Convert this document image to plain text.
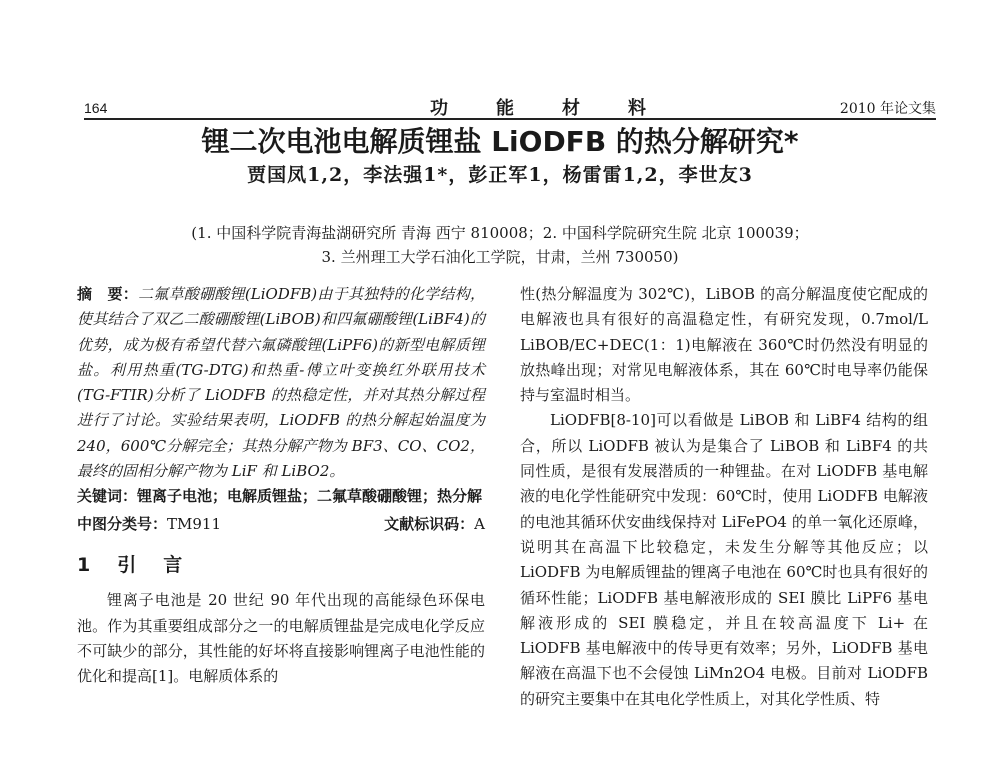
164	功能材料	2010 年论文集
锂二次电池电解质锂盐 LiODFB 的热分解研究*
贾国凤1,2，李法强1*，彭正军1，杨雷雷1,2，李世友3
(1. 中国科学院青海盐湖研究所 青海 西宁 810008；2. 中国科学院研究生院 北京 100039；
3. 兰州理工大学石油化工学院，甘肃，兰州 730050)

摘　要：二氟草酸硼酸锂(LiODFB)由于其独特的化学结构，使其结合了双乙二酸硼酸锂(LiBOB)和四氟硼酸锂(LiBF4)的优势，成为极有希望代替六氟磷酸锂(LiPF6)的新型电解质锂盐。利用热重(TG-DTG)和热重-傅立叶变换红外联用技术(TG-FTIR)分析了 LiODFB 的热稳定性，并对其热分解过程进行了讨论。实验结果表明，LiODFB 的热分解起始温度为 240，600℃分解完全；其热分解产物为 BF3、CO、CO2，最终的固相分解产物为 LiF 和 LiBO2。

关键词：锂离子电池；电解质锂盐；二氟草酸硼酸锂；热分解

中图分类号：TM911	文献标识码：A
1　引　言

锂离子电池是 20 世纪 90 年代出现的高能绿色环保电池。作为其重要组成部分之一的电解质锂盐是完成电化学反应不可缺少的部分，其性能的好坏将直接影响锂离子电池性能的优化和提高[1]。电解质体系的

性(热分解温度为 302℃)，LiBOB 的高分解温度使它配成的电解液也具有很好的高温稳定性，有研究发现，0.7mol/L LiBOB/EC+DEC(1：1)电解液在 360℃时仍然没有明显的放热峰出现；对常见电解液体系，其在 60℃时电导率仍能保持与室温时相当。

LiODFB[8-10]可以看做是 LiBOB 和 LiBF4 结构的组合，所以 LiODFB 被认为是集合了 LiBOB 和 LiBF4 的共同性质，是很有发展潜质的一种锂盐。在对 LiODFB 基电解液的电化学性能研究中发现：60℃时，使用 LiODFB 电解液的电池其循环伏安曲线保持对 LiFePO4 的单一氧化还原峰，说明其在高温下比较稳定，未发生分解等其他反应；以 LiODFB 为电解质锂盐的锂离子电池在 60℃时也具有很好的循环性能；LiODFB 基电解液形成的 SEI 膜比 LiPF6 基电解液形成的 SEI 膜稳定，并且在较高温度下 Li+ 在 LiODFB 基电解液中的传导更有效率；另外，LiODFB 基电解液在高温下也不会侵蚀 LiMn2O4 电极。目前对 LiODFB 的研究主要集中在其电化学性质上，对其化学性质、特
